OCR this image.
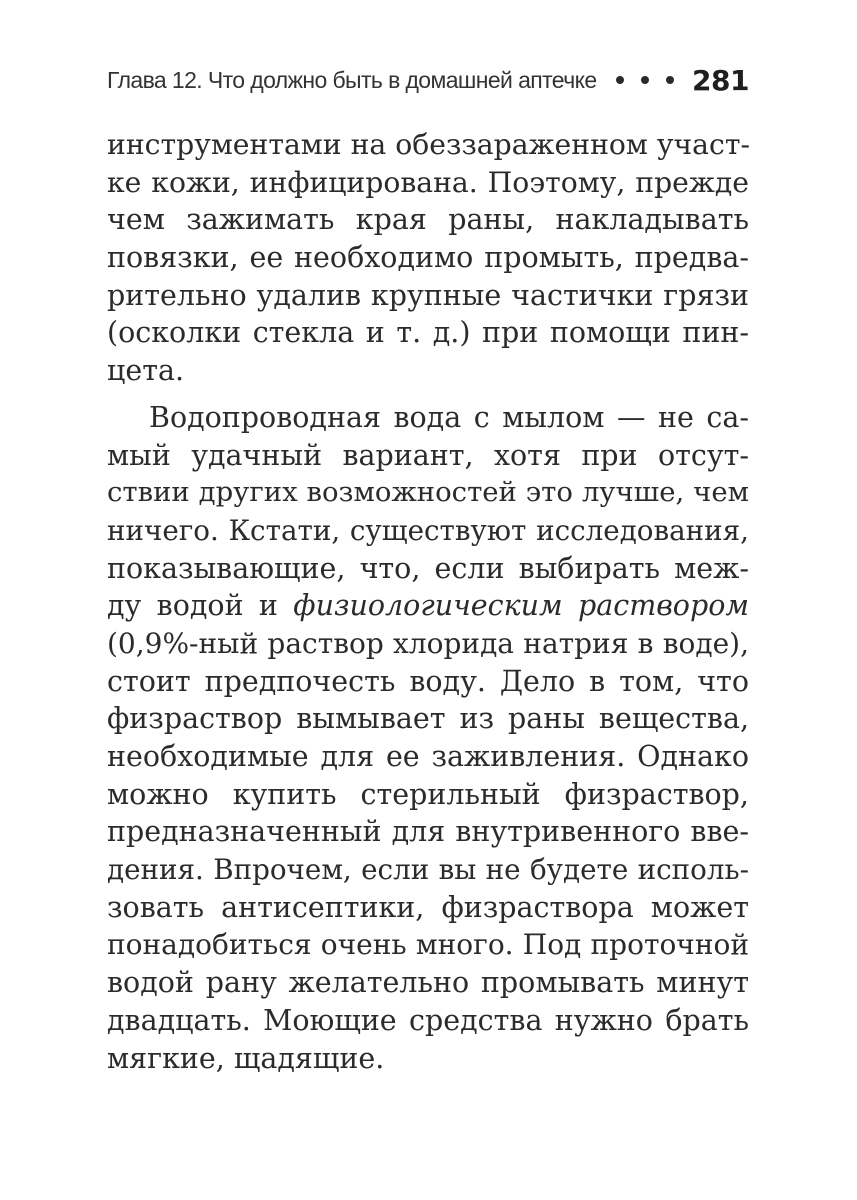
Глава 12. Что должно быть в домашней аптечке	281
инструментами на обеззараженном участ-
ке кожи, инфицирована. Поэтому, прежде
чем зажимать края раны, накладывать
повязки, ее необходимо промыть, предва-
рительно удалив крупные частички грязи
(осколки стекла и т. д.) при помощи пин-
цета.
Водопроводная вода с мылом — не са-
мый удачный вариант, хотя при отсут-
ствии других возможностей это лучше, чем
ничего. Кстати, существуют исследования,
показывающие, что, если выбирать меж-
ду водой и физиологическим раствором
(0,9%-ный раствор хлорида натрия в воде),
стоит предпочесть воду. Дело в том, что
физраствор вымывает из раны вещества,
необходимые для ее заживления. Однако
можно купить стерильный физраствор,
предназначенный для внутривенного вве-
дения. Впрочем, если вы не будете исполь-
зовать антисептики, физраствора может
понадобиться очень много. Под проточной
водой рану желательно промывать минут
двадцать. Моющие средства нужно брать
мягкие, щадящие.
